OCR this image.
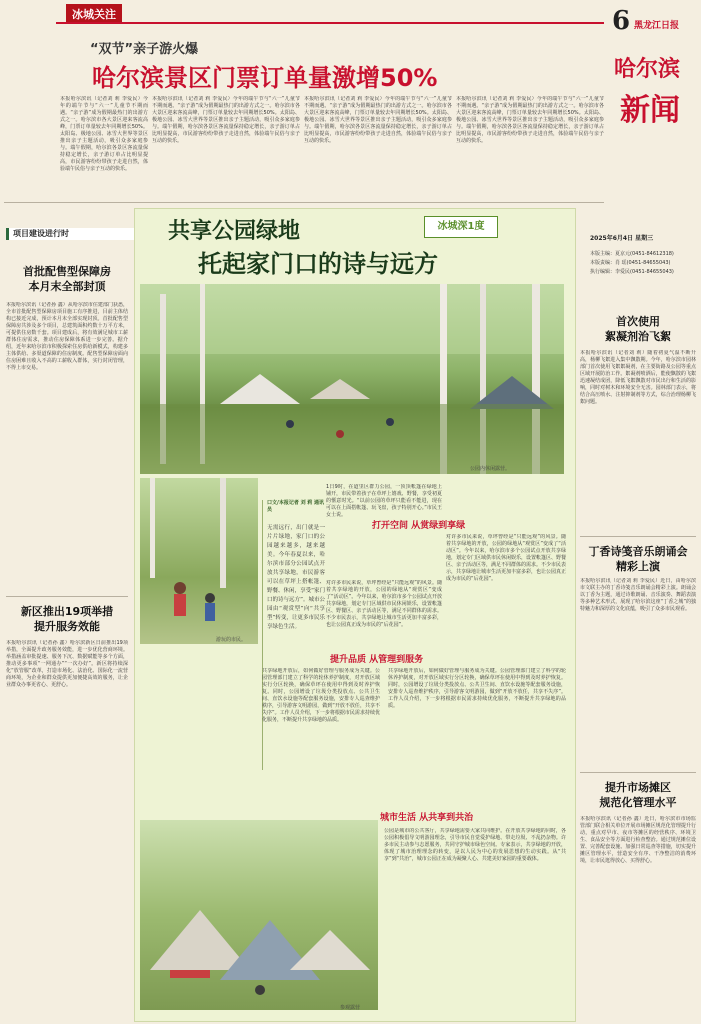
冰城关注
“双节”亲子游火爆
哈尔滨景区门票订单量激增50%
本报哈尔滨讯（记者刘 莉 李爱民）今年的端午节与“六一”儿童节不期而遇。“亲子游”成为假期最热门的出游方式之一。哈尔滨市各大景区迎来客流高峰，门票订单量较去年同期增长50%。太阳岛、极地公园、冰雪大世界等景区推出亲子主题活动，吸引众多家庭参与。端午假期，哈尔滨各景区客流量保持稳定增长，亲子游订单占比明显提高，市民游客纷纷带孩子走进自然，体验端午民俗与亲子互动的快乐。
本报哈尔滨讯（记者刘 莉 李爱民）今年的端午节与“六一”儿童节不期而遇。“亲子游”成为假期最热门的出游方式之一。哈尔滨市各大景区迎来客流高峰，门票订单量较去年同期增长50%。太阳岛、极地公园、冰雪大世界等景区推出亲子主题活动，吸引众多家庭参与。端午假期，哈尔滨各景区客流量保持稳定增长，亲子游订单占比明显提高，市民游客纷纷带孩子走进自然，体验端午民俗与亲子互动的快乐。
本报哈尔滨讯（记者刘 莉 李爱民）今年的端午节与“六一”儿童节不期而遇。“亲子游”成为假期最热门的出游方式之一。哈尔滨市各大景区迎来客流高峰，门票订单量较去年同期增长50%。太阳岛、极地公园、冰雪大世界等景区推出亲子主题活动，吸引众多家庭参与。端午假期，哈尔滨各景区客流量保持稳定增长，亲子游订单占比明显提高，市民游客纷纷带孩子走进自然，体验端午民俗与亲子互动的快乐。
本报哈尔滨讯（记者刘 莉 李爱民）今年的端午节与“六一”儿童节不期而遇。“亲子游”成为假期最热门的出游方式之一。哈尔滨市各大景区迎来客流高峰，门票订单量较去年同期增长50%。太阳岛、极地公园、冰雪大世界等景区推出亲子主题活动，吸引众多家庭参与。端午假期，哈尔滨各景区客流量保持稳定增长，亲子游订单占比明显提高，市民游客纷纷带孩子走进自然，体验端午民俗与亲子互动的快乐。
6 黑龙江日报
哈尔滨
新闻
2025年6月4日 星期三
本版主编：夏京元(0451-84612318)
本版责编：肖 瑶(0451-84655043)
执行编辑：李爱民(0451-84655043)
项目建设进行时
首批配售型保障房
本月末全部封顶
本报哈尔滨讯（记者孙 鑫）从哈尔滨市住建部门获悉，全市首批配售型保障房项目施工有序推进，目前主体结构已接近完成，预计本月末全部实现封顶。首批配售型保障房共涉及多个项目，总建筑面积约数十万平方米，可提供住房数千套。项目建成后，将有效满足城市工薪群体住房需求，推动住房保障体系进一步完善。据介绍，近年来哈尔滨市积极探索住房供给新模式，构建多主体供给、多渠道保障的住房制度。配售型保障房面向住房困难且收入不高的工薪收入群体，实行封闭管理，不得上市交易。
新区推出19项举措
提升服务效能
本报哈尔滨讯（记者孙 鑫）哈尔滨新区日前推出19项举措，全面提升政务服务效能，进一步优化营商环境。举措涵盖审批提速、服务下沉、数据赋能等多个方面，推动更多事项“一网通办”“一次办好”。新区将持续深化“放管服”改革，打造市场化、法治化、国际化一流营商环境，为企业和群众提供更加便捷高效的服务，让企业群众办事更省心、更舒心。
共享公园绿地
托起家门口的诗与远方
冰城深1度
公园内休闲露营。
游玩的市民。
口文/本报记者 刘 莉 通讯员
无需远行，出门就是一片片绿地，家门口的公园越来越多，越来越美。今年春夏以来，哈尔滨市部分公园试点开放共享绿地，市民游客可以在草坪上搭帐篷、野餐、休闲，享受“家门口的诗与远方”。城市公园由“观赏型”向“共享型”转变，让更多市民乐享绿色生活。
1日9时，在道里区群力公园，一顶顶帐篷在绿地上铺开，市民带着孩子在草坪上嬉戏、野餐，享受初夏的惬意时光。“以前公园的草坪只能看不能进，现在可以在上面搭帐篷、玩飞盘，孩子特别开心。”市民王女士说。
打开空间 从赏绿到享绿
对许多市民来说，草坪曾经是“只能远观”的风景。随着共享绿地的开放，公园的绿地从“观赏区”变成了“活动区”。今年以来，哈尔滨市多个公园试点开放共享绿地，划定专门区域供市民休闲娱乐，设置帐篷区、野餐区、亲子活动区等，满足不同群体的需求。不少市民表示，共享绿地让城市生活更加丰富多彩，也让公园真正成为市民的“后花园”。
对许多市民来说，草坪曾经是“只能远观”的风景。随着共享绿地的开放，公园的绿地从“观赏区”变成了“活动区”。今年以来，哈尔滨市多个公园试点开放共享绿地，划定专门区域供市民休闲娱乐，设置帐篷区、野餐区、亲子活动区等，满足不同群体的需求。不少市民表示，共享绿地让城市生活更加丰富多彩，也让公园真正成为市民的“后花园”。
提升品质 从管理到服务
共享绿地开放后，如何做好管理与服务成为关键。公园管理部门建立了科学的轮休养护制度，对开放区域实行分区轮换，确保草坪在使用中得到及时养护恢复。同时，公园增设了垃圾分类投放点、公共卫生间、直饮水设施等配套服务设施，安排专人巡查维护秩序，引导游客文明游园，做到“开放不放任，共享不失序”。工作人员介绍，下一步将根据市民需求持续优化服务，不断提升共享绿地的品质。
共享绿地开放后，如何做好管理与服务成为关键。公园管理部门建立了科学的轮休养护制度，对开放区域实行分区轮换，确保草坪在使用中得到及时养护恢复。同时，公园增设了垃圾分类投放点、公共卫生间、直饮水设施等配套服务设施，安排专人巡查维护秩序，引导游客文明游园，做到“开放不放任，共享不失序”。工作人员介绍，下一步将根据市民需求持续优化服务，不断提升共享绿地的品质。
参观露营
城市生活 从共享到共治
公园是城市的公共客厅，共享绿地需要大家共同维护。在开放共享绿地的同时，各公园积极倡导文明游园理念，引导市民自觉爱护绿地、带走垃圾、不乱扔杂物。许多市民主动参与志愿服务，共同守护城市绿色空间。专家表示，共享绿地的开放，体现了城市治理理念的转变，是以人民为中心的发展思想的生动实践。从“共享”到“共治”，城市公园正在成为凝聚人心、共建美好家园的重要载体。
首次使用
絮凝剂治飞絮
本报哈尔滨讯（记者刘 莉）随着初夏气温不断升高，杨柳飞絮进入集中飘散期。今年，哈尔滨市园林部门首次使用飞絮絮凝剂，在主要街路及公园等重点区域开展防治工作。絮凝剂喷洒后，能使飘散的飞絮迅速凝结成团，降低飞絮飘散对市民出行和生活的影响，同时对树木和环境安全无害。园林部门表示，将结合高压喷水、注射抑制剂等方式，综合治理杨柳飞絮问题。
丁香诗笺音乐朗诵会
精彩上演
本报哈尔滨讯（记者刘 莉 李爱民）近日，由哈尔滨市文联主办的丁香诗笺音乐朗诵会精彩上演。朗诵会以丁香为主题，通过诗歌朗诵、音乐演奏、舞蹈表演等多种艺术形式，展现了哈尔滨这座“丁香之城”的独特魅力和深厚的文化底蕴，吸引了众多市民观看。
提升市场摊区
规范化管理水平
本报哈尔滨讯（记者孙 鑫）近日，哈尔滨市市场监管部门联合相关单位开展市场摊区规范化管理提升行动，重点对早市、夜市等摊区的经营秩序、环境卫生、食品安全等方面进行检查整治。通过规范摊位设置、完善配套设施、加强日常巡查等措施，切实提升摊区管理水平，营造安全有序、干净整洁的消费环境，让市民逛得放心、买得舒心。
